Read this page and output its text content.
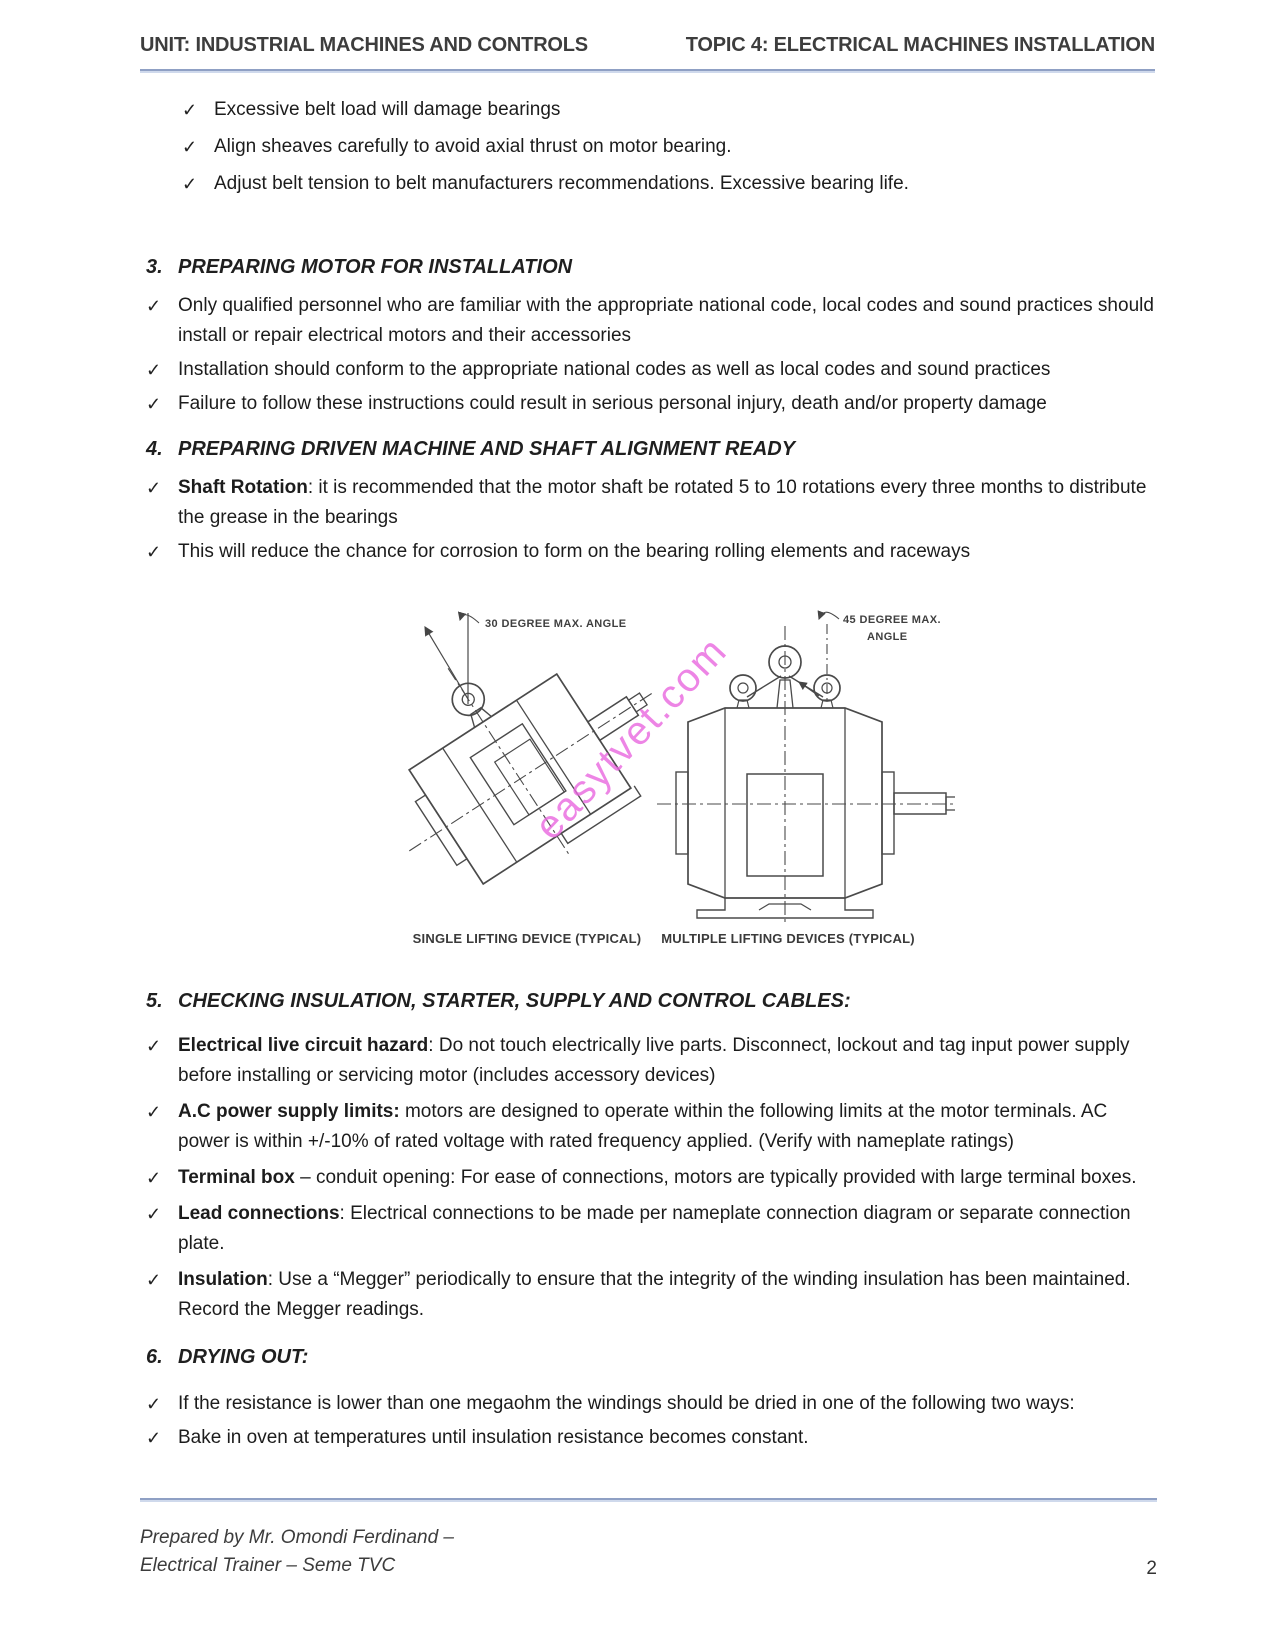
UNIT: INDUSTRIAL MACHINES AND CONTROLS	TOPIC 4: ELECTRICAL MACHINES INSTALLATION
✓ Excessive belt load will damage bearings
✓ Align sheaves carefully to avoid axial thrust on motor bearing.
✓ Adjust belt tension to belt manufacturers recommendations. Excessive bearing life.
3. PREPARING MOTOR FOR INSTALLATION
✓ Only qualified personnel who are familiar with the appropriate national code, local codes and sound practices should install or repair electrical motors and their accessories
✓ Installation should conform to the appropriate national codes as well as local codes and sound practices
✓ Failure to follow these instructions could result in serious personal injury, death and/or property damage
4. PREPARING DRIVEN MACHINE AND SHAFT ALIGNMENT READY
✓ Shaft Rotation: it is recommended that the motor shaft be rotated 5 to 10 rotations every three months to distribute the grease in the bearings
✓ This will reduce the chance for corrosion to form on the bearing rolling elements and raceways
30 DEGREE MAX. ANGLE	45 DEGREE MAX.
ANGLE
SINGLE LIFTING DEVICE (TYPICAL)	MULTIPLE LIFTING DEVICES (TYPICAL)
easytvet.com
5. CHECKING INSULATION, STARTER, SUPPLY AND CONTROL CABLES:
✓ Electrical live circuit hazard: Do not touch electrically live parts. Disconnect, lockout and tag input power supply before installing or servicing motor (includes accessory devices)
✓ A.C power supply limits: motors are designed to operate within the following limits at the motor terminals. AC power is within +/-10% of rated voltage with rated frequency applied. (Verify with nameplate ratings)
✓ Terminal box – conduit opening: For ease of connections, motors are typically provided with large terminal boxes.
✓ Lead connections: Electrical connections to be made per nameplate connection diagram or separate connection plate.
✓ Insulation: Use a “Megger” periodically to ensure that the integrity of the winding insulation has been maintained. Record the Megger readings.
6. DRYING OUT:
✓ If the resistance is lower than one megaohm the windings should be dried in one of the following two ways:
✓ Bake in oven at temperatures until insulation resistance becomes constant.
Prepared by Mr. Omondi Ferdinand –
Electrical Trainer – Seme TVC	2
